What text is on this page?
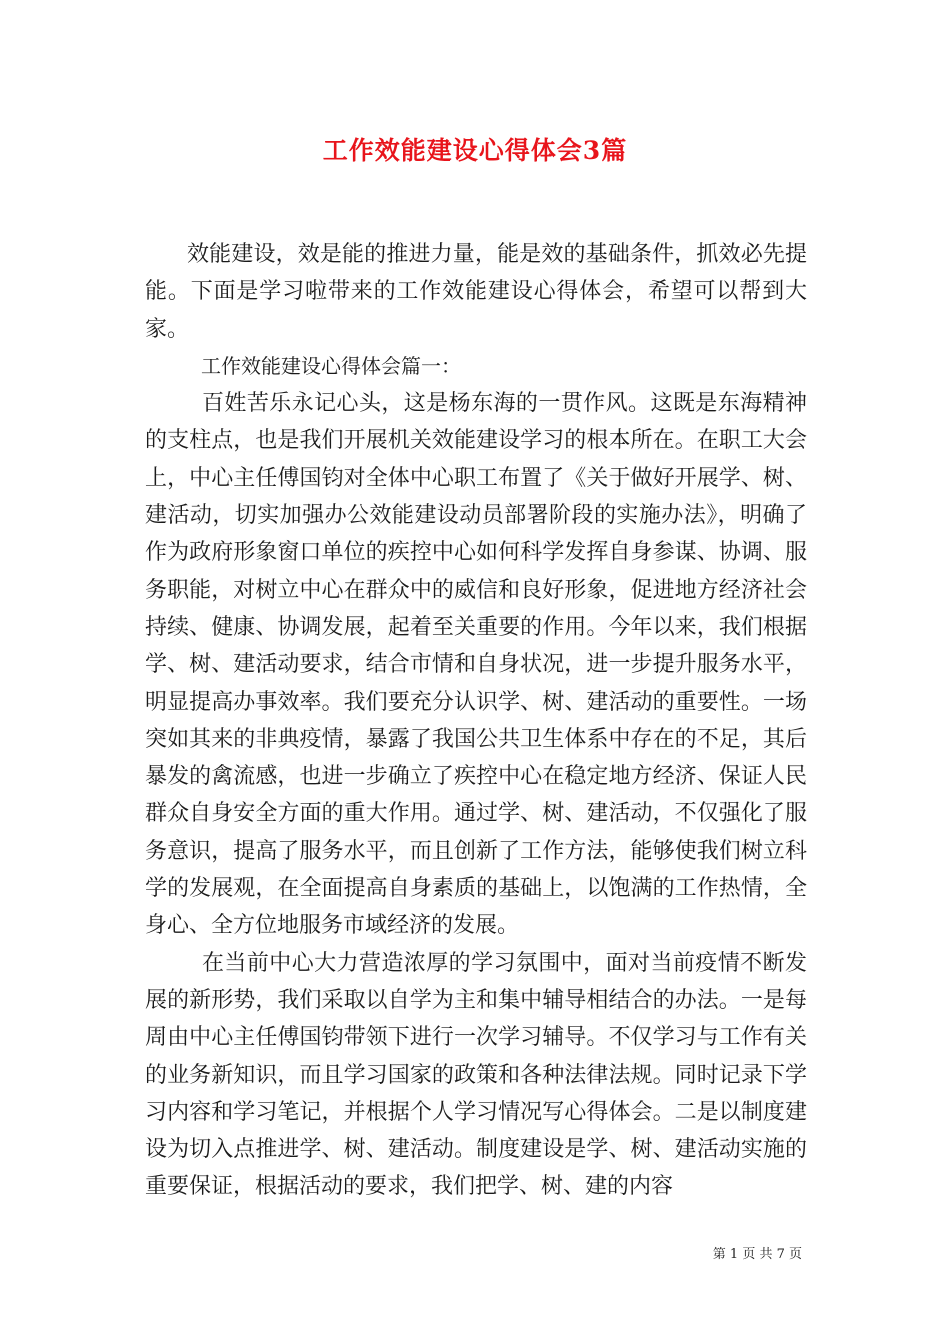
工作效能建设心得体会3篇

效能建设，效是能的推进力量，能是效的基础条件，抓效必先提能。下面是学习啦带来的工作效能建设心得体会，希望可以帮到大家。

工作效能建设心得体会篇一：

百姓苦乐永记心头，这是杨东海的一贯作风。这既是东海精神的支柱点，也是我们开展机关效能建设学习的根本所在。在职工大会上，中心主任傅国钧对全体中心职工布置了《关于做好开展学、树、建活动，切实加强办公效能建设动员部署阶段的实施办法》，明确了作为政府形象窗口单位的疾控中心如何科学发挥自身参谋、协调、服务职能，对树立中心在群众中的威信和良好形象，促进地方经济社会持续、健康、协调发展，起着至关重要的作用。今年以来，我们根据学、树、建活动要求，结合市情和自身状况，进一步提升服务水平，明显提高办事效率。我们要充分认识学、树、建活动的重要性。一场突如其来的非典疫情，暴露了我国公共卫生体系中存在的不足，其后暴发的禽流感，也进一步确立了疾控中心在稳定地方经济、保证人民群众自身安全方面的重大作用。通过学、树、建活动，不仅强化了服务意识，提高了服务水平，而且创新了工作方法，能够使我们树立科学的发展观，在全面提高自身素质的基础上，以饱满的工作热情，全身心、全方位地服务市域经济的发展。

在当前中心大力营造浓厚的学习氛围中，面对当前疫情不断发展的新形势，我们采取以自学为主和集中辅导相结合的办法。一是每周由中心主任傅国钧带领下进行一次学习辅导。不仅学习与工作有关的业务新知识，而且学习国家的政策和各种法律法规。同时记录下学习内容和学习笔记，并根据个人学习情况写心得体会。二是以制度建设为切入点推进学、树、建活动。制度建设是学、树、建活动实施的重要保证，根据活动的要求，我们把学、树、建的内容

第 1 页 共 7 页
